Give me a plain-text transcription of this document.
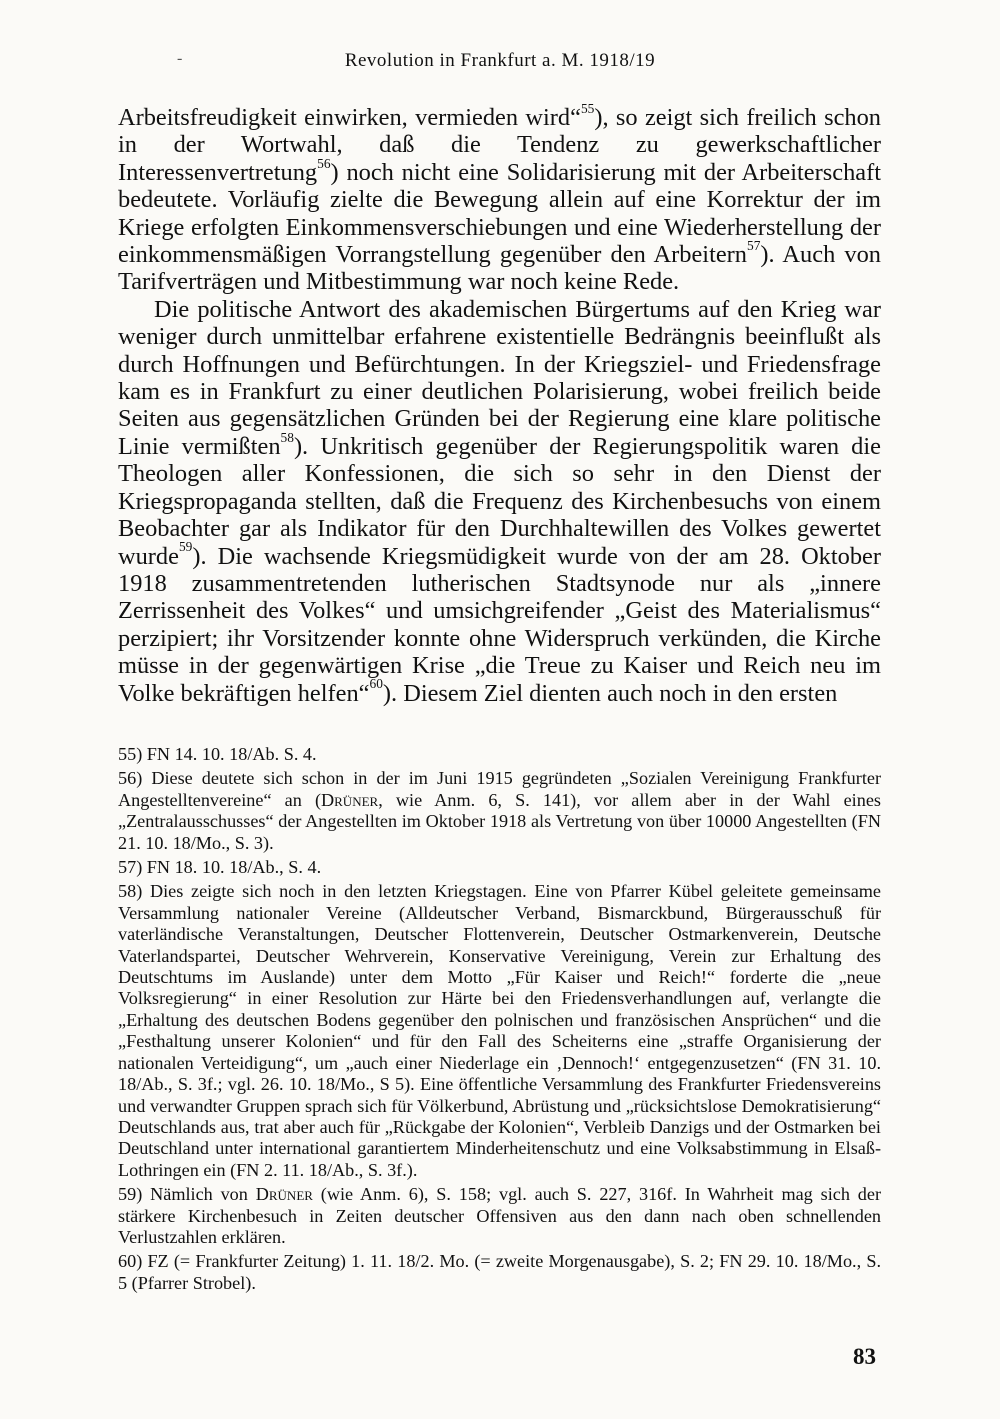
-	Revolution in Frankfurt a. M. 1918/19

Arbeitsfreudigkeit einwirken, vermieden wird“$^{55}$), so zeigt sich freilich schon in der Wortwahl, daß die Tendenz zu gewerkschaftlicher Interessenvertretung$^{56}$) noch nicht eine Solidarisierung mit der Arbeiterschaft bedeutete. Vorläufig zielte die Bewegung allein auf eine Korrektur der im Kriege erfolgten Einkommensverschiebungen und eine Wiederherstellung der einkommensmäßigen Vorrangstellung gegenüber den Arbeitern$^{57}$). Auch von Tarifverträgen und Mitbestimmung war noch keine Rede.

Die politische Antwort des akademischen Bürgertums auf den Krieg war weniger durch unmittelbar erfahrene existentielle Bedrängnis beeinflußt als durch Hoffnungen und Befürchtungen. In der Kriegsziel- und Friedensfrage kam es in Frankfurt zu einer deutlichen Polarisierung, wobei freilich beide Seiten aus gegensätzlichen Gründen bei der Regierung eine klare politische Linie vermißten$^{58}$). Unkritisch gegenüber der Regierungspolitik waren die Theologen aller Konfessionen, die sich so sehr in den Dienst der Kriegspropaganda stellten, daß die Frequenz des Kirchenbesuchs von einem Beobachter gar als Indikator für den Durchhaltewillen des Volkes gewertet wurde$^{59}$). Die wachsende Kriegsmüdigkeit wurde von der am 28. Oktober 1918 zusammentretenden lutherischen Stadtsynode nur als „innere Zerrissenheit des Volkes“ und umsichgreifender „Geist des Materialismus“ perzipiert; ihr Vorsitzender konnte ohne Widerspruch verkünden, die Kirche müsse in der gegenwärtigen Krise „die Treue zu Kaiser und Reich neu im Volke bekräftigen helfen“$^{60}$). Diesem Ziel dienten auch noch in den ersten

55) FN 14. 10. 18/Ab. S. 4.

56) Diese deutete sich schon in der im Juni 1915 gegründeten „Sozialen Vereinigung Frankfurter Angestelltenvereine“ an (Drüner, wie Anm. 6, S. 141), vor allem aber in der Wahl eines „Zentralausschusses“ der Angestellten im Oktober 1918 als Vertretung von über 10000 Angestellten (FN 21. 10. 18/Mo., S. 3).

57) FN 18. 10. 18/Ab., S. 4.

58) Dies zeigte sich noch in den letzten Kriegstagen. Eine von Pfarrer Kübel geleitete gemeinsame Versammlung nationaler Vereine (Alldeutscher Verband, Bismarckbund, Bürgerausschuß für vaterländische Veranstaltungen, Deutscher Flottenverein, Deutscher Ostmarkenverein, Deutsche Vaterlandspartei, Deutscher Wehrverein, Konservative Vereinigung, Verein zur Erhaltung des Deutschtums im Auslande) unter dem Motto „Für Kaiser und Reich!“ forderte die „neue Volksregierung“ in einer Resolution zur Härte bei den Friedensverhandlungen auf, verlangte die „Erhaltung des deutschen Bodens gegenüber den polnischen und französischen Ansprüchen“ und die „Festhaltung unserer Kolonien“ und für den Fall des Scheiterns eine „straffe Organisierung der nationalen Verteidigung“, um „auch einer Niederlage ein ‚Dennoch!‘ entgegenzusetzen“ (FN 31. 10. 18/Ab., S. 3f.; vgl. 26. 10. 18/Mo., S 5). Eine öffentliche Versammlung des Frankfurter Friedensvereins und verwandter Gruppen sprach sich für Völkerbund, Abrüstung und „rücksichtslose Demokratisierung“ Deutschlands aus, trat aber auch für „Rückgabe der Kolonien“, Verbleib Danzigs und der Ostmarken bei Deutschland unter international garantiertem Minderheitenschutz und eine Volksabstimmung in Elsaß-Lothringen ein (FN 2. 11. 18/Ab., S. 3f.).

59) Nämlich von Drüner (wie Anm. 6), S. 158; vgl. auch S. 227, 316f. In Wahrheit mag sich der stärkere Kirchenbesuch in Zeiten deutscher Offensiven aus den dann nach oben schnellenden Verlustzahlen erklären.

60) FZ (= Frankfurter Zeitung) 1. 11. 18/2. Mo. (= zweite Morgenausgabe), S. 2; FN 29. 10. 18/Mo., S. 5 (Pfarrer Strobel).

83
